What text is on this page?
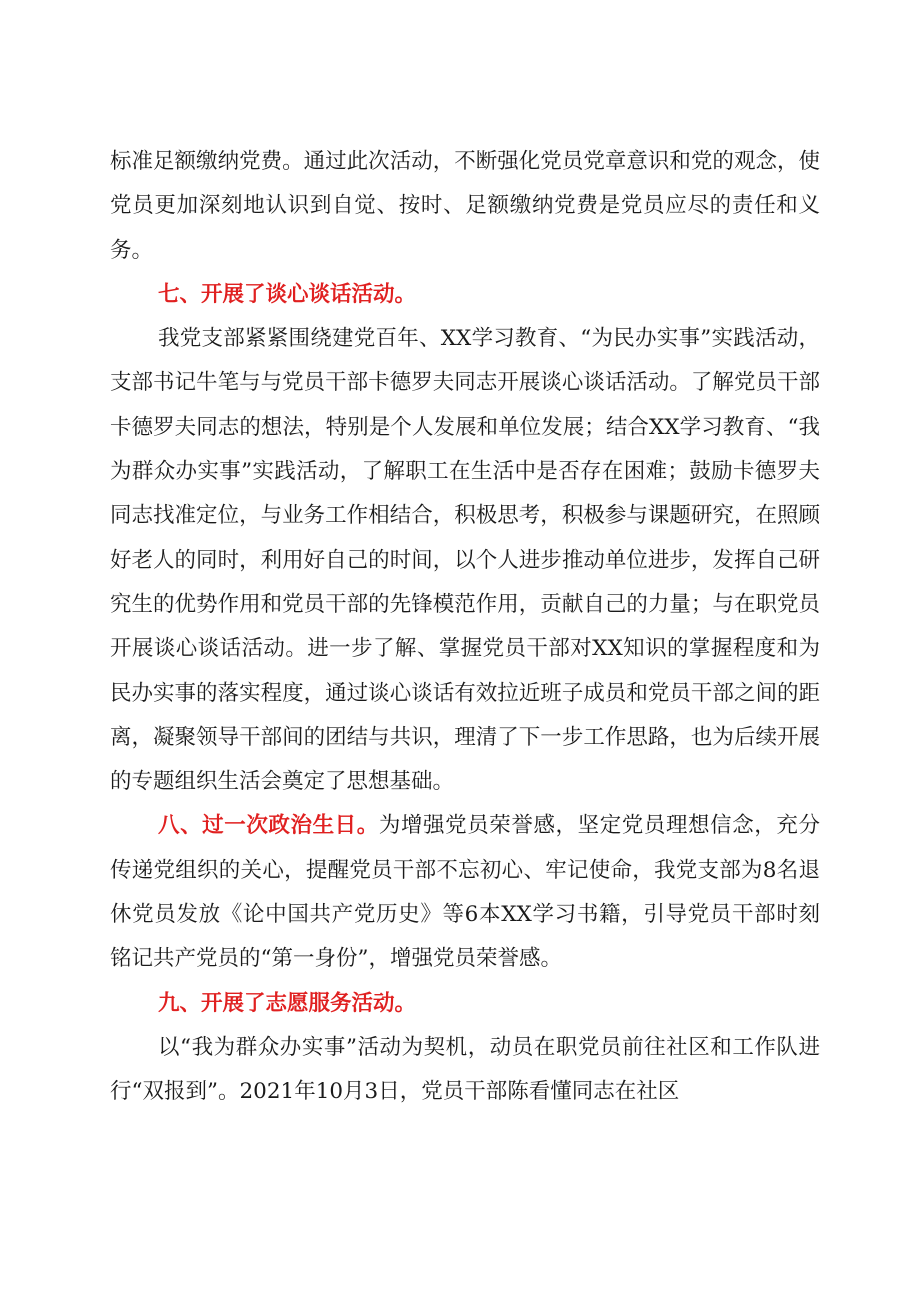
标准足额缴纳党费。通过此次活动，不断强化党员党章意识和党的观念，使党员更加深刻地认识到自觉、按时、足额缴纳党费是党员应尽的责任和义务。

七、开展了谈心谈话活动。

我党支部紧紧围绕建党百年、XX学习教育、“为民办实事”实践活动，支部书记牛笔与与党员干部卡德罗夫同志开展谈心谈话活动。了解党员干部卡德罗夫同志的想法，特别是个人发展和单位发展；结合XX学习教育、“我为群众办实事”实践活动，了解职工在生活中是否存在困难；鼓励卡德罗夫同志找准定位，与业务工作相结合，积极思考，积极参与课题研究，在照顾好老人的同时，利用好自己的时间，以个人进步推动单位进步，发挥自己研究生的优势作用和党员干部的先锋模范作用，贡献自己的力量；与在职党员开展谈心谈话活动。进一步了解、掌握党员干部对XX知识的掌握程度和为民办实事的落实程度，通过谈心谈话有效拉近班子成员和党员干部之间的距离，凝聚领导干部间的团结与共识，理清了下一步工作思路，也为后续开展的专题组织生活会奠定了思想基础。

八、过一次政治生日。为增强党员荣誉感，坚定党员理想信念，充分传递党组织的关心，提醒党员干部不忘初心、牢记使命，我党支部为8名退休党员发放《论中国共产党历史》等6本XX学习书籍，引导党员干部时刻铭记共产党员的“第一身份”，增强党员荣誉感。

九、开展了志愿服务活动。

以“我为群众办实事”活动为契机，动员在职党员前往社区和工作队进行“双报到”。2021年10月3日，党员干部陈看懂同志在社区
